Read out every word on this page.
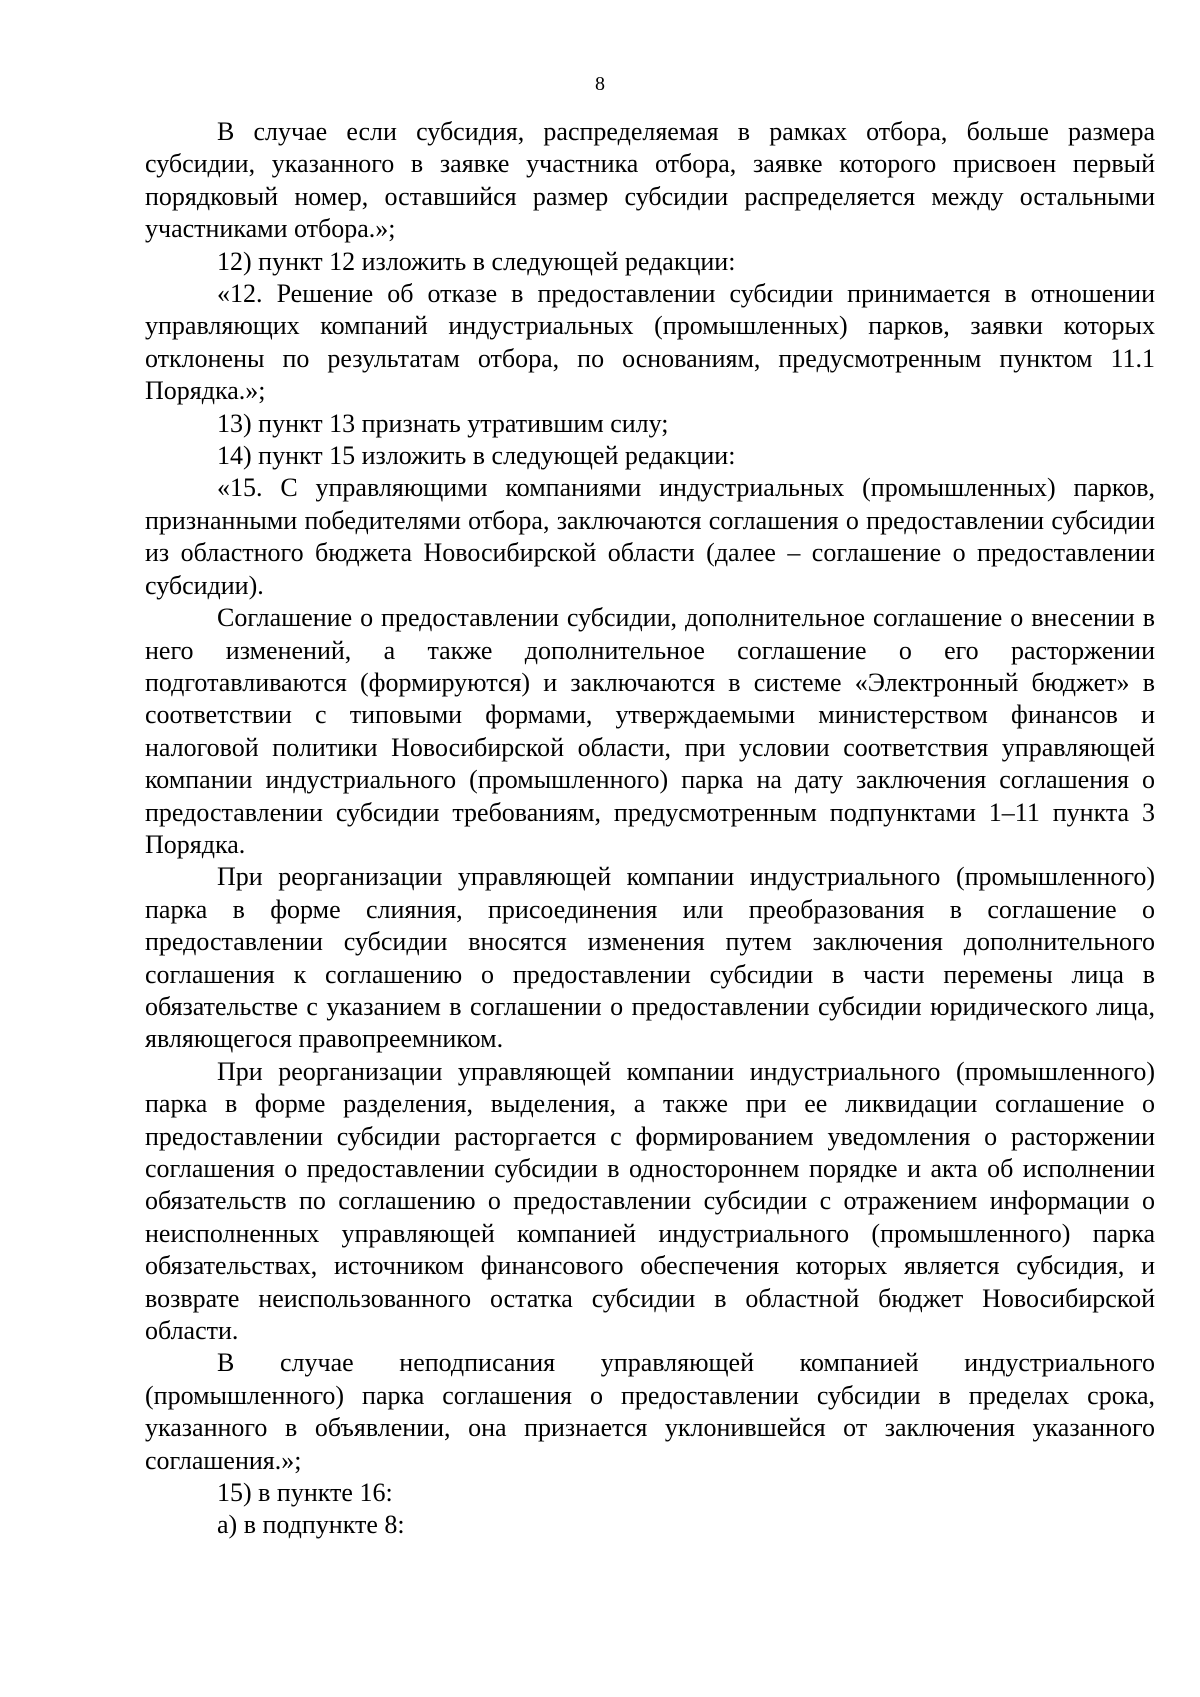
8

В случае если субсидия, распределяемая в рамках отбора, больше размера субсидии, указанного в заявке участника отбора, заявке которого присвоен первый порядковый номер, оставшийся размер субсидии распределяется между остальными участниками отбора.»;

12) пункт 12 изложить в следующей редакции:

«12. Решение об отказе в предоставлении субсидии принимается в отношении управляющих компаний индустриальных (промышленных) парков, заявки которых отклонены по результатам отбора, по основаниям, предусмотренным пунктом 11.1 Порядка.»;

13) пункт 13 признать утратившим силу;

14) пункт 15 изложить в следующей редакции:

«15. С управляющими компаниями индустриальных (промышленных) парков, признанными победителями отбора, заключаются соглашения о предоставлении субсидии из областного бюджета Новосибирской области (далее – соглашение о предоставлении субсидии).

Соглашение о предоставлении субсидии, дополнительное соглашение о внесении в него изменений, а также дополнительное соглашение о его расторжении подготавливаются (формируются) и заключаются в системе «Электронный бюджет» в соответствии с типовыми формами, утверждаемыми министерством финансов и налоговой политики Новосибирской области, при условии соответствия управляющей компании индустриального (промышленного) парка на дату заключения соглашения о предоставлении субсидии требованиям, предусмотренным подпунктами 1–11 пункта 3 Порядка.

При реорганизации управляющей компании индустриального (промышленного) парка в форме слияния, присоединения или преобразования в соглашение о предоставлении субсидии вносятся изменения путем заключения дополнительного соглашения к соглашению о предоставлении субсидии в части перемены лица в обязательстве с указанием в соглашении о предоставлении субсидии юридического лица, являющегося правопреемником.

При реорганизации управляющей компании индустриального (промышленного) парка в форме разделения, выделения, а также при ее ликвидации соглашение о предоставлении субсидии расторгается с формированием уведомления о расторжении соглашения о предоставлении субсидии в одностороннем порядке и акта об исполнении обязательств по соглашению о предоставлении субсидии с отражением информации о неисполненных управляющей компанией индустриального (промышленного) парка обязательствах, источником финансового обеспечения которых является субсидия, и возврате неиспользованного остатка субсидии в областной бюджет Новосибирской области.

В случае неподписания управляющей компанией индустриального (промышленного) парка соглашения о предоставлении субсидии в пределах срока, указанного в объявлении, она признается уклонившейся от заключения указанного соглашения.»;

15) в пункте 16:

а) в подпункте 8:
